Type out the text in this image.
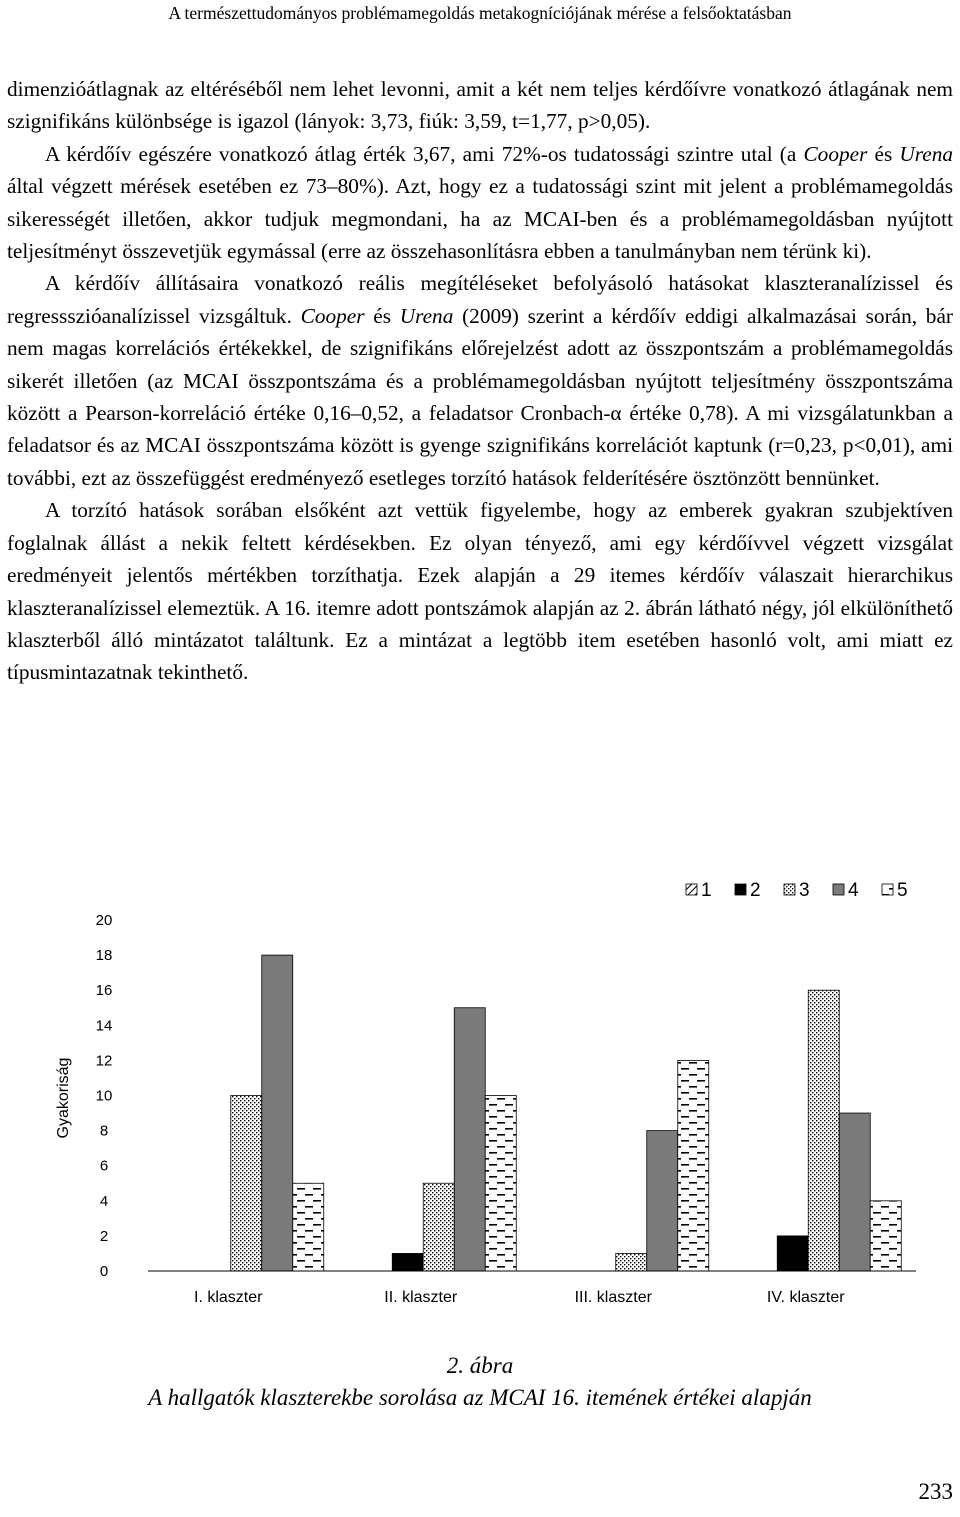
A természettudományos problémamegoldás metakogníciójának mérése a felsőoktatásban

dimenzióátlagnak az eltéréséből nem lehet levonni, amit a két nem teljes kérdőívre vonatkozó átlagának nem szignifikáns különbsége is igazol (lányok: 3,73, fiúk: 3,59, t=1,77, p>0,05).

A kérdőív egészére vonatkozó átlag érték 3,67, ami 72%-os tudatossági szintre utal (a Cooper és Urena által végzett mérések esetében ez 73–80%). Azt, hogy ez a tudatossági szint mit jelent a problémamegoldás sikerességét illetően, akkor tudjuk megmondani, ha az MCAI-ben és a problémamegoldásban nyújtott teljesítményt összevetjük egymással (erre az összehasonlításra ebben a tanulmányban nem térünk ki).

A kérdőív állításaira vonatkozó reális megítéléseket befolyásoló hatásokat klaszteranalízissel és regressszióanalízissel vizsgáltuk. Cooper és Urena (2009) szerint a kérdőív eddigi alkalmazásai során, bár nem magas korrelációs értékekkel, de szignifikáns előrejelzést adott az összpontszám a problémamegoldás sikerét illetően (az MCAI összpontszáma és a problémamegoldásban nyújtott teljesítmény összpontszáma között a Pearson-korreláció értéke 0,16–0,52, a feladatsor Cronbach-α értéke 0,78). A mi vizsgálatunkban a feladatsor és az MCAI összpontszáma között is gyenge szignifikáns korrelációt kaptunk (r=0,23, p<0,01), ami további, ezt az összefüggést eredményező esetleges torzító hatások felderítésére ösztönzött bennünket.

A torzító hatások sorában elsőként azt vettük figyelembe, hogy az emberek gyakran szubjektíven foglalnak állást a nekik feltett kérdésekben. Ez olyan tényező, ami egy kérdőívvel végzett vizsgálat eredményeit jelentős mértékben torzíthatja. Ezek alapján a 29 itemes kérdőív válaszait hierarchikus klaszteranalízissel elemeztük. A 16. itemre adott pontszámok alapján az 2. ábrán látható négy, jól elkülöníthető klaszterből álló mintázatot találtunk. Ez a mintázat a legtöbb item esetében hasonló volt, ami miatt ez típusmintazatnak tekinthető.

Gyakoriság
0
2
4
6
8
10
12
14
16
18
20
I. klaszter	II. klaszter	III. klaszter	IV. klaszter
1 2 3 4 5
2. ábra
A hallgatók klaszterekbe sorolása az MCAI 16. itemének értékei alapján
233
